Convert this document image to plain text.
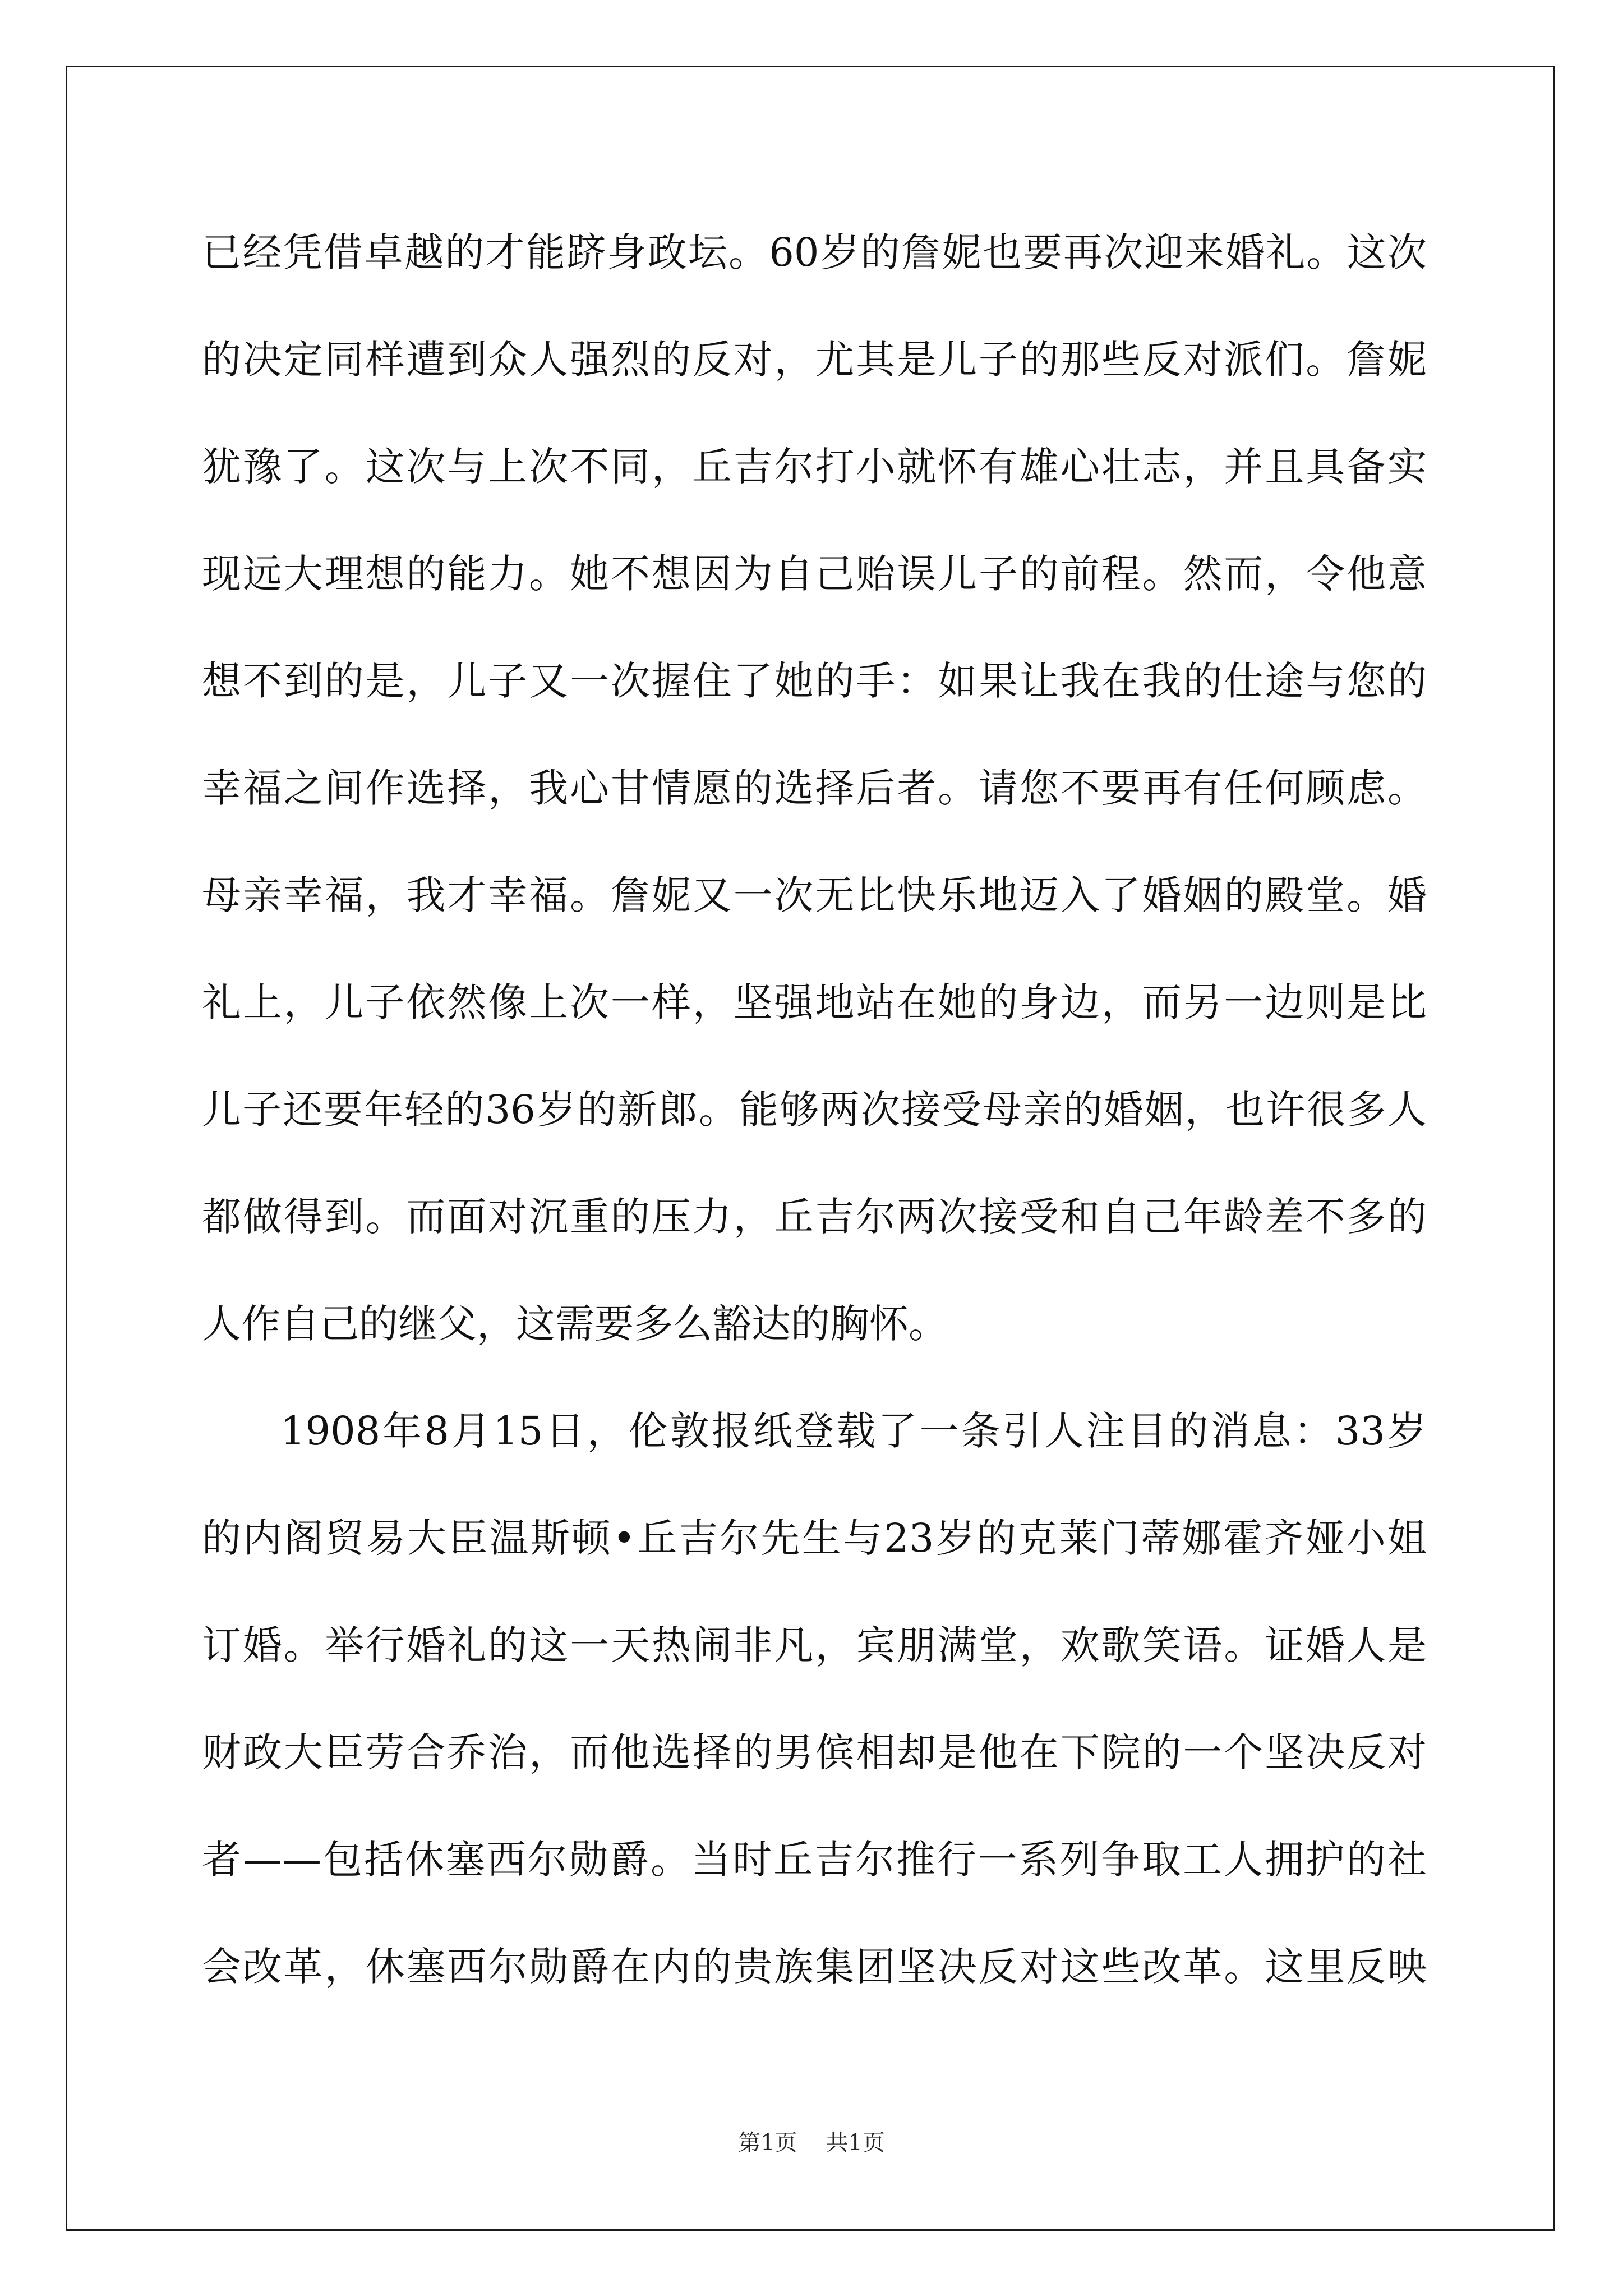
已经凭借卓越的才能跻身政坛。60岁的詹妮也要再次迎来婚礼。这次
的决定同样遭到众人强烈的反对，尤其是儿子的那些反对派们。詹妮
犹豫了。这次与上次不同，丘吉尔打小就怀有雄心壮志，并且具备实
现远大理想的能力。她不想因为自己贻误儿子的前程。然而，令他意
想不到的是，儿子又一次握住了她的手：如果让我在我的仕途与您的
幸福之间作选择，我心甘情愿的选择后者。请您不要再有任何顾虑。
母亲幸福，我才幸福。詹妮又一次无比快乐地迈入了婚姻的殿堂。婚
礼上，儿子依然像上次一样，坚强地站在她的身边，而另一边则是比
儿子还要年轻的36岁的新郎。能够两次接受母亲的婚姻，也许很多人
都做得到。而面对沉重的压力，丘吉尔两次接受和自己年龄差不多的
人作自己的继父，这需要多么豁达的胸怀。
1908年8月15日，伦敦报纸登载了一条引人注目的消息：33岁
的内阁贸易大臣温斯顿•丘吉尔先生与23岁的克莱门蒂娜霍齐娅小姐
订婚。举行婚礼的这一天热闹非凡，宾朋满堂，欢歌笑语。证婚人是
财政大臣劳合乔治，而他选择的男傧相却是他在下院的一个坚决反对
者——包括休塞西尔勋爵。当时丘吉尔推行一系列争取工人拥护的社
会改革，休塞西尔勋爵在内的贵族集团坚决反对这些改革。这里反映
第1页 共1页
